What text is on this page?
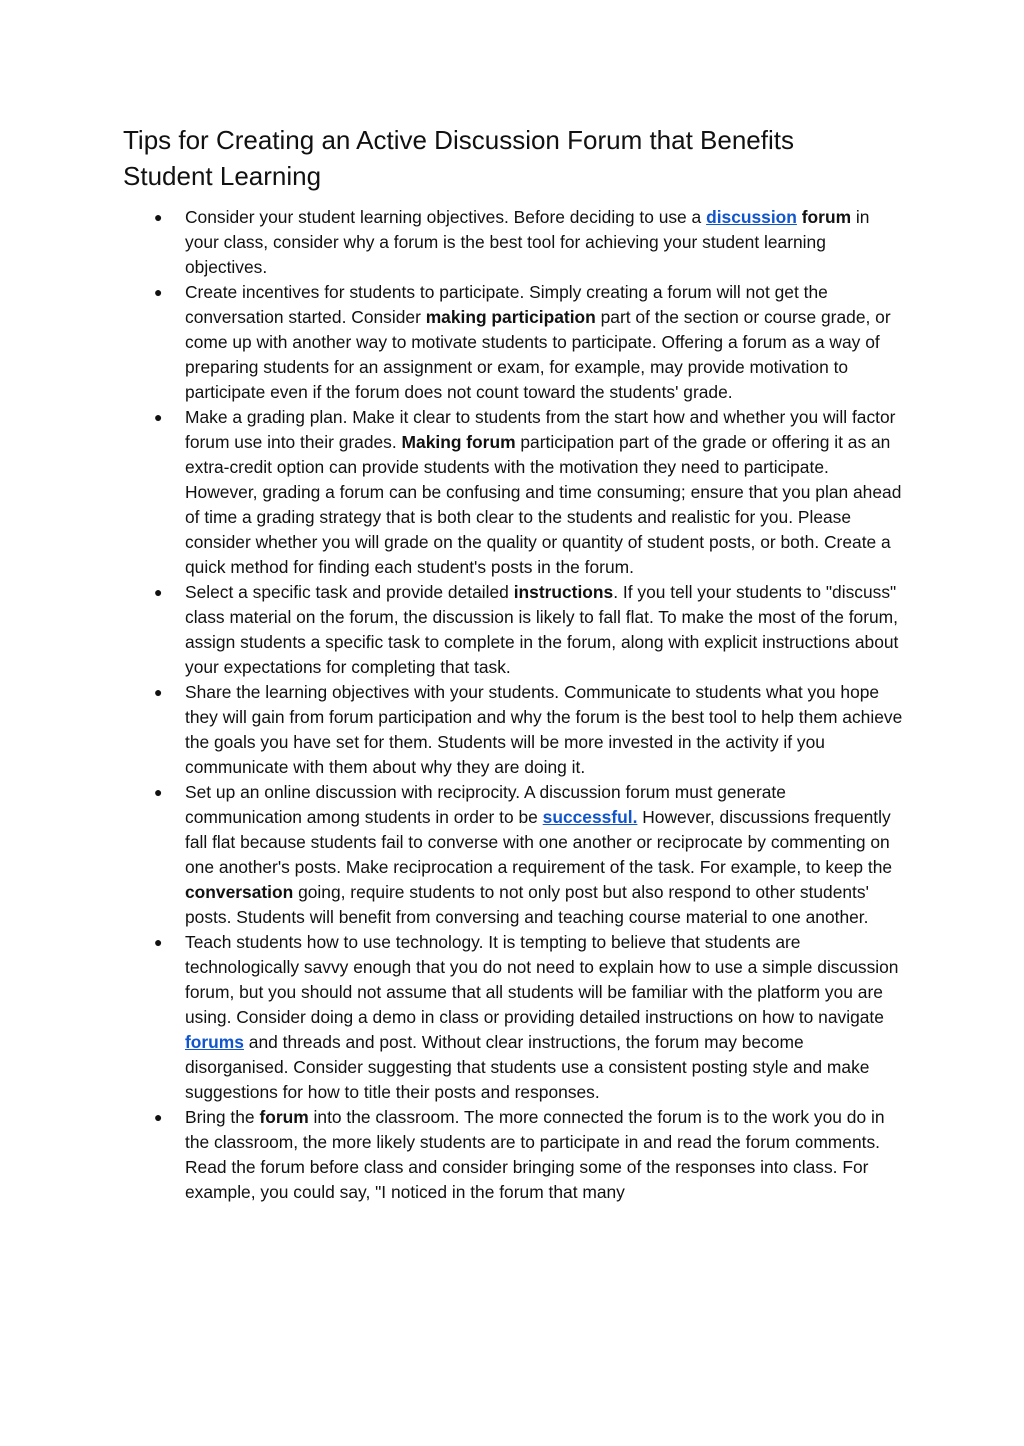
Tips for Creating an Active Discussion Forum that Benefits Student Learning
● Consider your student learning objectives. Before deciding to use a discussion forum in your class, consider why a forum is the best tool for achieving your student learning objectives.
● Create incentives for students to participate. Simply creating a forum will not get the conversation started. Consider making participation part of the section or course grade, or come up with another way to motivate students to participate. Offering a forum as a way of preparing students for an assignment or exam, for example, may provide motivation to participate even if the forum does not count toward the students' grade.
● Make a grading plan. Make it clear to students from the start how and whether you will factor forum use into their grades. Making forum participation part of the grade or offering it as an extra-credit option can provide students with the motivation they need to participate. However, grading a forum can be confusing and time consuming; ensure that you plan ahead of time a grading strategy that is both clear to the students and realistic for you. Please consider whether you will grade on the quality or quantity of student posts, or both. Create a quick method for finding each student's posts in the forum.
● Select a specific task and provide detailed instructions. If you tell your students to "discuss" class material on the forum, the discussion is likely to fall flat. To make the most of the forum, assign students a specific task to complete in the forum, along with explicit instructions about your expectations for completing that task.
● Share the learning objectives with your students. Communicate to students what you hope they will gain from forum participation and why the forum is the best tool to help them achieve the goals you have set for them. Students will be more invested in the activity if you communicate with them about why they are doing it.
● Set up an online discussion with reciprocity. A discussion forum must generate communication among students in order to be successful. However, discussions frequently fall flat because students fail to converse with one another or reciprocate by commenting on one another's posts. Make reciprocation a requirement of the task. For example, to keep the conversation going, require students to not only post but also respond to other students' posts. Students will benefit from conversing and teaching course material to one another.
● Teach students how to use technology. It is tempting to believe that students are technologically savvy enough that you do not need to explain how to use a simple discussion forum, but you should not assume that all students will be familiar with the platform you are using. Consider doing a demo in class or providing detailed instructions on how to navigate forums and threads and post. Without clear instructions, the forum may become disorganised. Consider suggesting that students use a consistent posting style and make suggestions for how to title their posts and responses.
● Bring the forum into the classroom. The more connected the forum is to the work you do in the classroom, the more likely students are to participate in and read the forum comments. Read the forum before class and consider bringing some of the responses into class. For example, you could say, "I noticed in the forum that many
